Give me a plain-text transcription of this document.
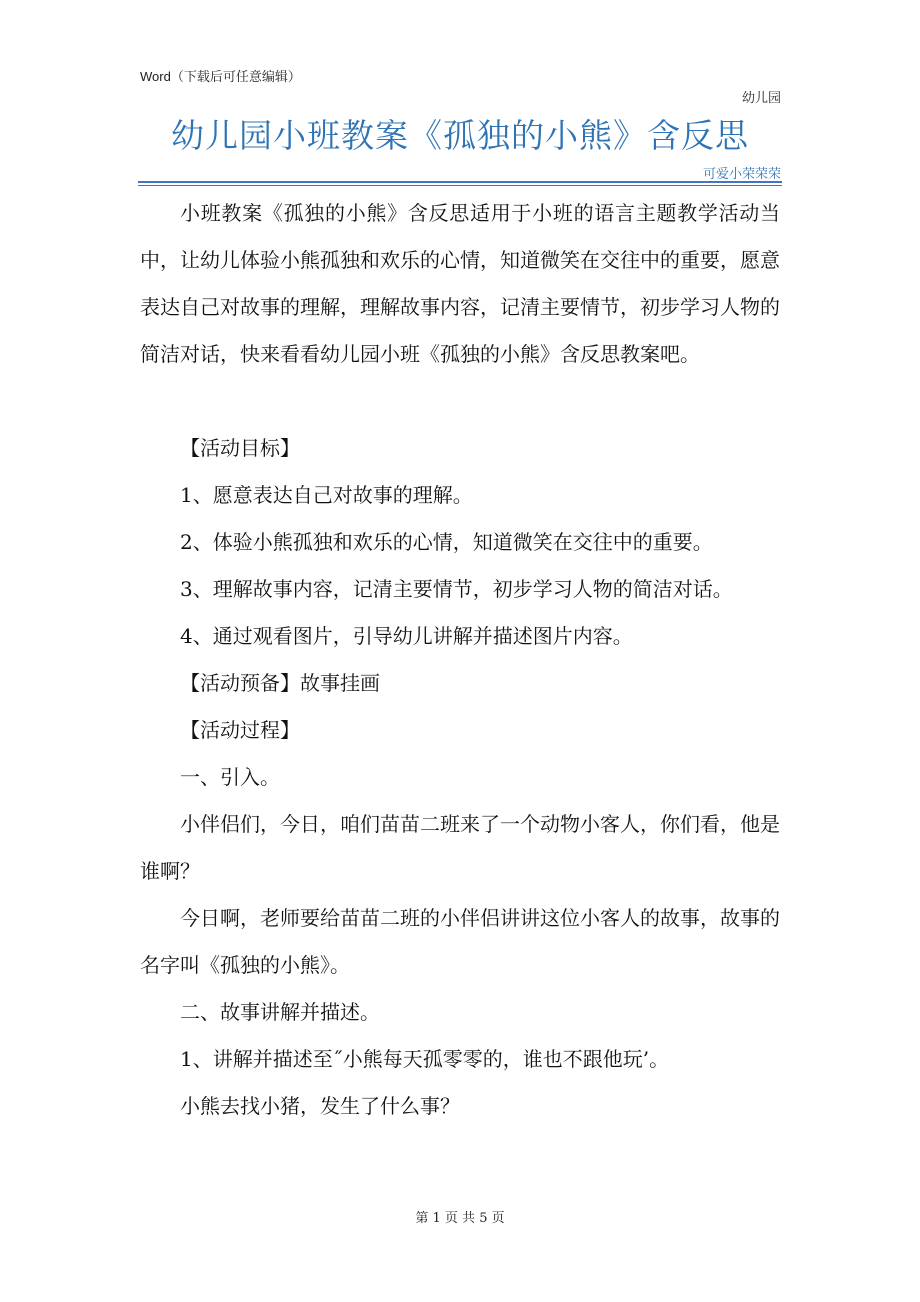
Word（下载后可任意编辑）
幼儿园
幼儿园小班教案《孤独的小熊》含反思
可爱小荣荣荣

小班教案《孤独的小熊》含反思适用于小班的语言主题教学活动当中，让幼儿体验小熊孤独和欢乐的心情，知道微笑在交往中的重要，愿意表达自己对故事的理解，理解故事内容，记清主要情节，初步学习人物的简洁对话，快来看看幼儿园小班《孤独的小熊》含反思教案吧。

【活动目标】

1、愿意表达自己对故事的理解。

2、体验小熊孤独和欢乐的心情，知道微笑在交往中的重要。

3、理解故事内容，记清主要情节，初步学习人物的简洁对话。

4、通过观看图片，引导幼儿讲解并描述图片内容。

【活动预备】故事挂画

【活动过程】

一、引入。

小伴侣们，今日，咱们苗苗二班来了一个动物小客人，你们看，他是谁啊？

今日啊，老师要给苗苗二班的小伴侣讲讲这位小客人的故事，故事的名字叫《孤独的小熊》。

二、故事讲解并描述。

1、讲解并描述至˝小熊每天孤零零的，谁也不跟他玩’。

小熊去找小猪，发生了什么事？

第 1 页 共 5 页
